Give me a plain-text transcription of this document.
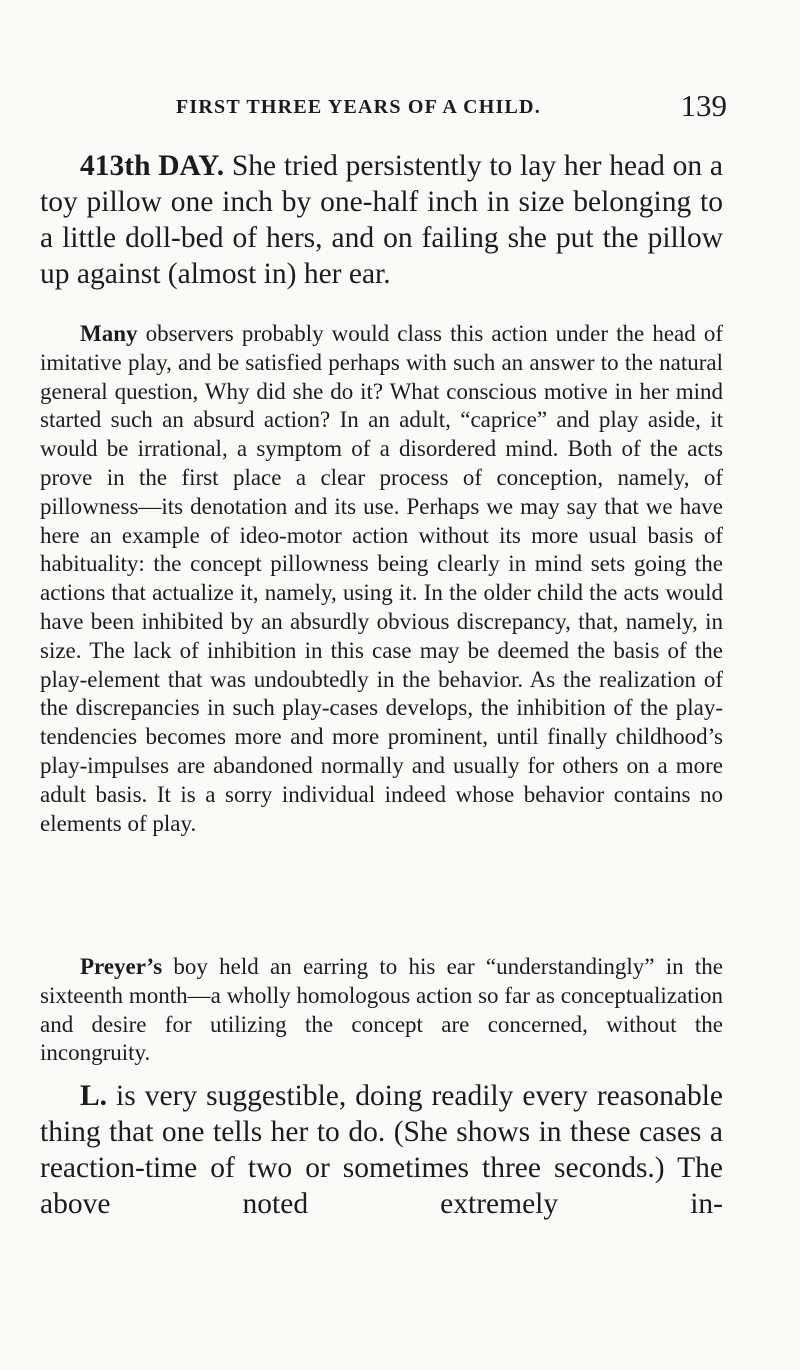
FIRST THREE YEARS OF A CHILD.	139

413th DAY. She tried persistently to lay her head on a toy pillow one inch by one-half inch in size belonging to a little doll-bed of hers, and on failing she put the pillow up against (almost in) her ear.

Many observers probably would class this action under the head of imitative play, and be satisfied perhaps with such an answer to the natural general question, Why did she do it? What conscious motive in her mind started such an absurd action? In an adult, “caprice” and play aside, it would be irrational, a symptom of a disordered mind. Both of the acts prove in the first place a clear process of conception, namely, of pillowness—its denotation and its use. Perhaps we may say that we have here an example of ideo-motor action without its more usual basis of habituality: the concept pillowness being clearly in mind sets going the actions that actualize it, namely, using it. In the older child the acts would have been inhibited by an absurdly obvious discrepancy, that, namely, in size. The lack of inhibition in this case may be deemed the basis of the play-element that was undoubtedly in the behavior. As the realization of the discrepancies in such play-cases develops, the inhibition of the play-tendencies becomes more and more prominent, until finally childhood’s play-impulses are abandoned normally and usually for others on a more adult basis. It is a sorry individual indeed whose behavior contains no elements of play.

Preyer’s boy held an earring to his ear “understandingly” in the sixteenth month—a wholly homologous action so far as conceptualization and desire for utilizing the concept are concerned, without the incongruity.

L. is very suggestible, doing readily every reasonable thing that one tells her to do. (She shows in these cases a reaction-time of two or sometimes three seconds.) The above noted extremely in-
